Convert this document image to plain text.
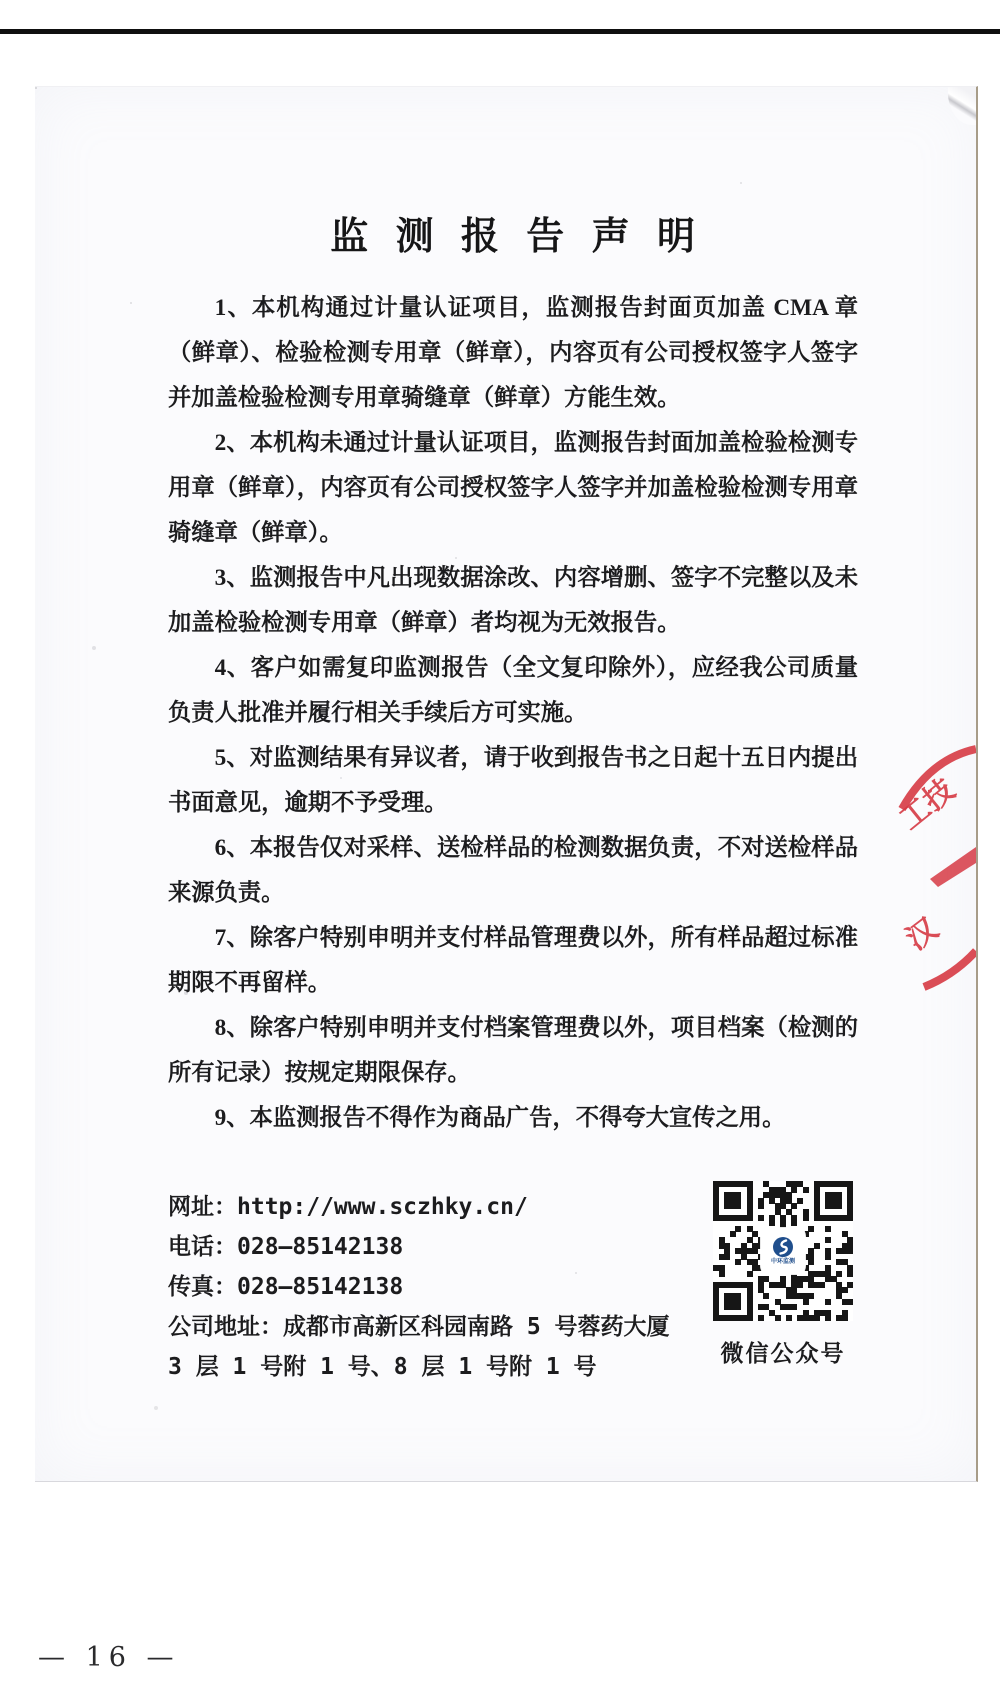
监测报告声明

1、本机构通过计量认证项目，监测报告封面页加盖 CMA 章（鲜章）、检验检测专用章（鲜章），内容页有公司授权签字人签字并加盖检验检测专用章骑缝章（鲜章）方能生效。

2、本机构未通过计量认证项目，监测报告封面加盖检验检测专用章（鲜章），内容页有公司授权签字人签字并加盖检验检测专用章骑缝章（鲜章）。

3、监测报告中凡出现数据涂改、内容增删、签字不完整以及未加盖检验检测专用章（鲜章）者均视为无效报告。

4、客户如需复印监测报告（全文复印除外），应经我公司质量负责人批准并履行相关手续后方可实施。

5、对监测结果有异议者，请于收到报告书之日起十五日内提出书面意见，逾期不予受理。

6、本报告仅对采样、送检样品的检测数据负责，不对送检样品来源负责。

7、除客户特别申明并支付样品管理费以外，所有样品超过标准期限不再留样。

8、除客户特别申明并支付档案管理费以外，项目档案（检测的所有记录）按规定期限保存。

9、本监测报告不得作为商品广告，不得夸大宣传之用。

网址：http://www.sczhky.cn/

电话：028—85142138

传真：028—85142138

公司地址：成都市高新区科园南路 5 号蓉药大厦

3 层 1 号附 1 号、8 层 1 号附 1 号

中环监测
微信公众号
工技
汉
— 16 —
